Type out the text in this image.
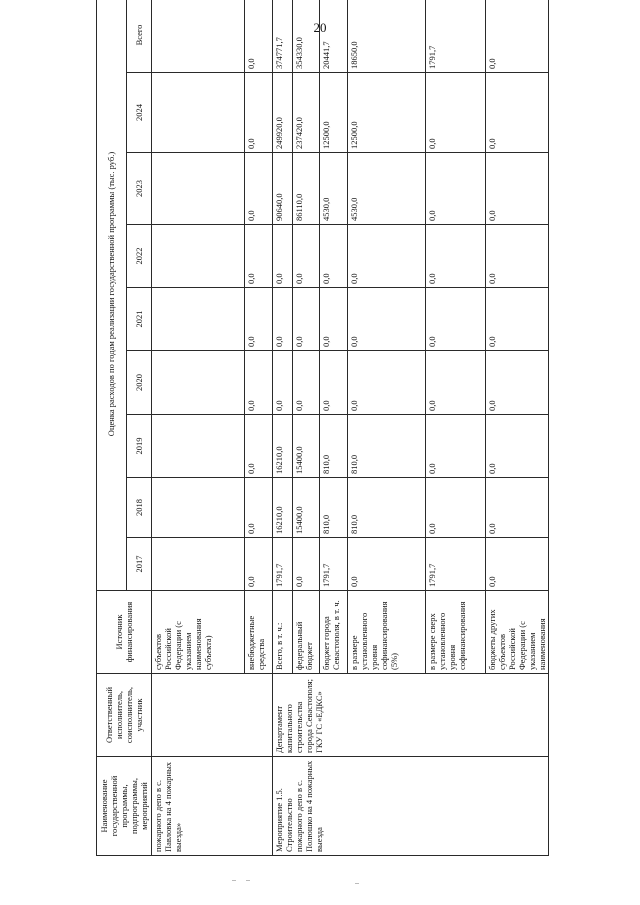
20
Наименование государственной программы, подпрограммы, мероприятий	Ответственный исполнитель, соисполнитель, участник	Источник финансирования	Оценка расходов по годам реализации государственной программы (тыс. руб.)								
			2017	2018	2019	2020	2021	2022	2023	2024	Всего
пожарного депо в с. Павловка на 4 пожарных выезда»		субъектов Российской Федерации (с указанием наименования субъекта)									
		внебюджетные средства	0,0	0,0	0,0	0,0	0,0	0,0	0,0	0,0	0,0
Мероприятие 1.5. Строительство пожарного депо в с. Полюшко на 4 пожарных выезда	Департамент капитального строительства города Севастополя; ГКУ ГС «ЕДКС»	Всего, в т. ч.:	1791,7	16210,0	16210,0	0,0	0,0	0,0	90640,0	249920,0	374771,7
		федеральный бюджет	0,0	15400,0	15400,0	0,0	0,0	0,0	86110,0	237420,0	354330,0
		бюджет города Севастополя, в т. ч.	1791,7	810,0	810,0	0,0	0,0	0,0	4530,0	12500,0	20441,7
		в размере установленного уровня софинансирования (5%)	0,0	810,0	810,0	0,0	0,0	0,0	4530,0	12500,0	18650,0
		в размере сверх установленного уровня софинансирования	1791,7	0,0	0,0	0,0	0,0	0,0	0,0	0,0	1791,7
		бюджеты других субъектов Российской Федерации (с указанием наименования	0,0	0,0	0,0	0,0	0,0	0,0	0,0	0,0	0,0
